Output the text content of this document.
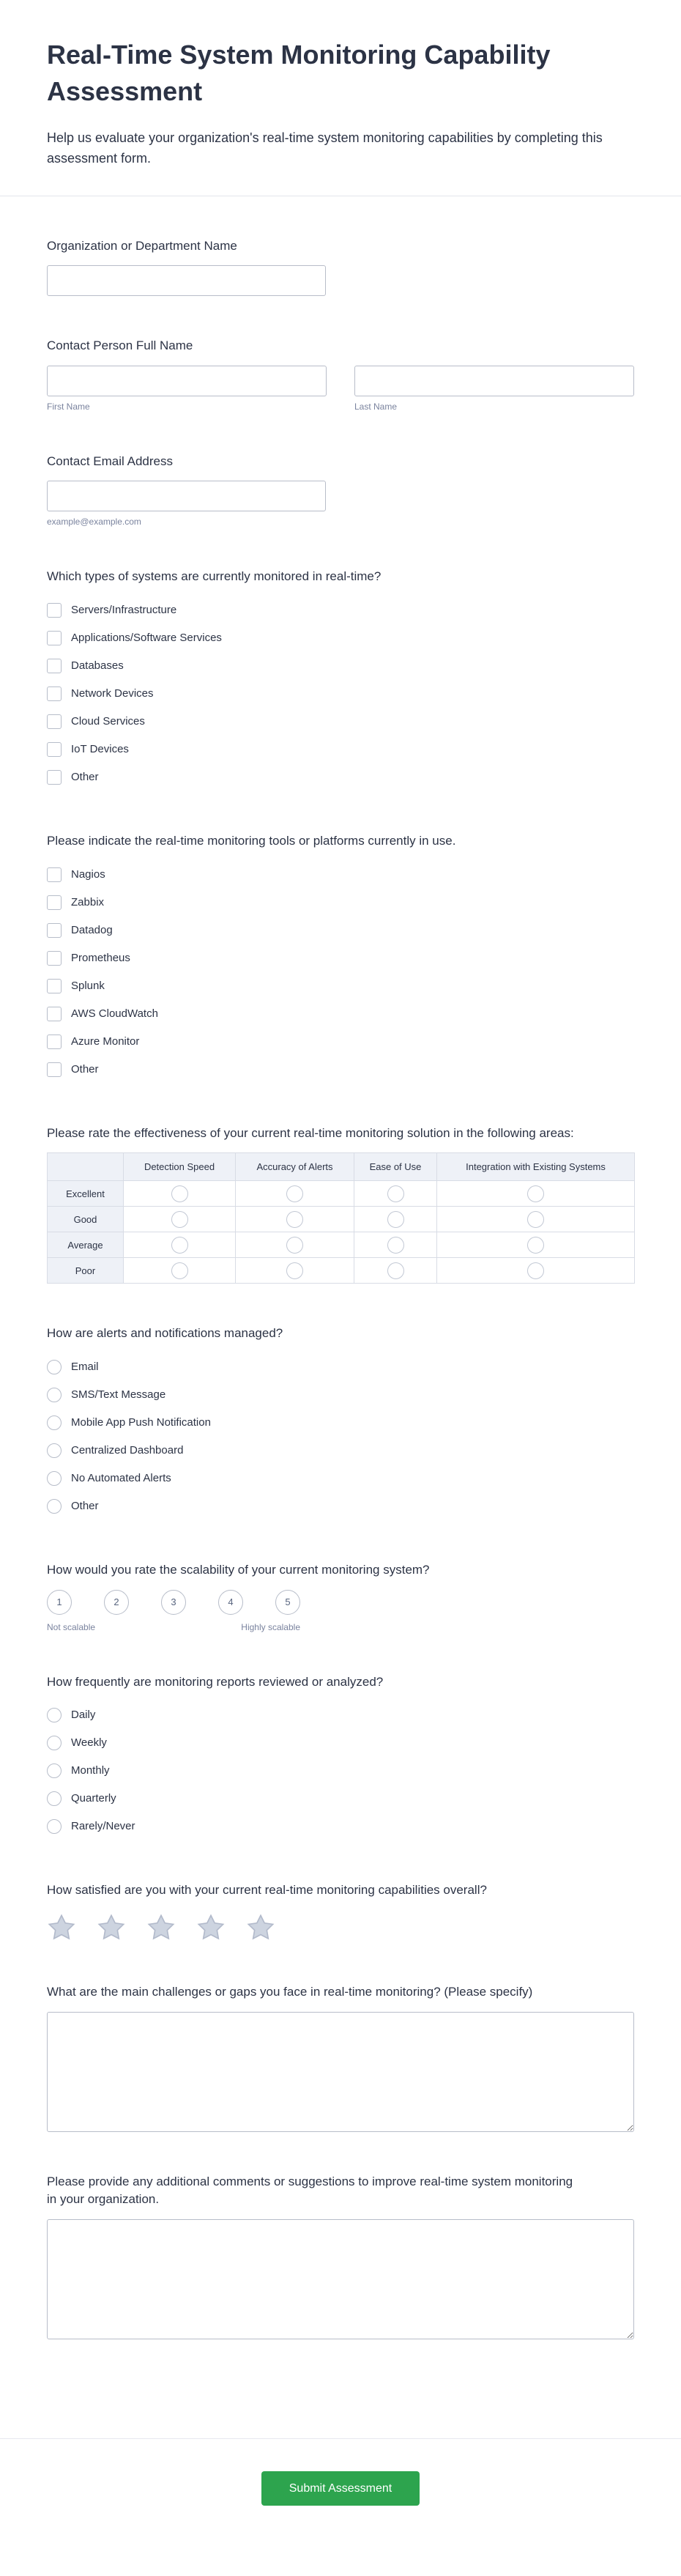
Real-Time System Monitoring Capability Assessment

Help us evaluate your organization's real-time system monitoring capabilities by completing this assessment form.

Organization or Department Name
Contact Person Full Name
First Name	Last Name
Contact Email Address
example@example.com
Which types of systems are currently monitored in real-time?
Servers/Infrastructure
Applications/Software Services
Databases
Network Devices
Cloud Services
IoT Devices
Other
Please indicate the real-time monitoring tools or platforms currently in use.
Nagios
Zabbix
Datadog
Prometheus
Splunk
AWS CloudWatch
Azure Monitor
Other
Please rate the effectiveness of your current real-time monitoring solution in the following areas:
	Detection Speed	Accuracy of Alerts	Ease of Use	Integration with Existing Systems
Excellent				
Good				
Average				
Poor				
How are alerts and notifications managed?
Email
SMS/Text Message
Mobile App Push Notification
Centralized Dashboard
No Automated Alerts
Other
How would you rate the scalability of your current monitoring system?
1	2	3	4	5
Not scalable	Highly scalable
How frequently are monitoring reports reviewed or analyzed?
Daily
Weekly
Monthly
Quarterly
Rarely/Never
How satisfied are you with your current real-time monitoring capabilities overall?
What are the main challenges or gaps you face in real-time monitoring? (Please specify)
Please provide any additional comments or suggestions to improve real-time system monitoring in your organization.
Submit Assessment
